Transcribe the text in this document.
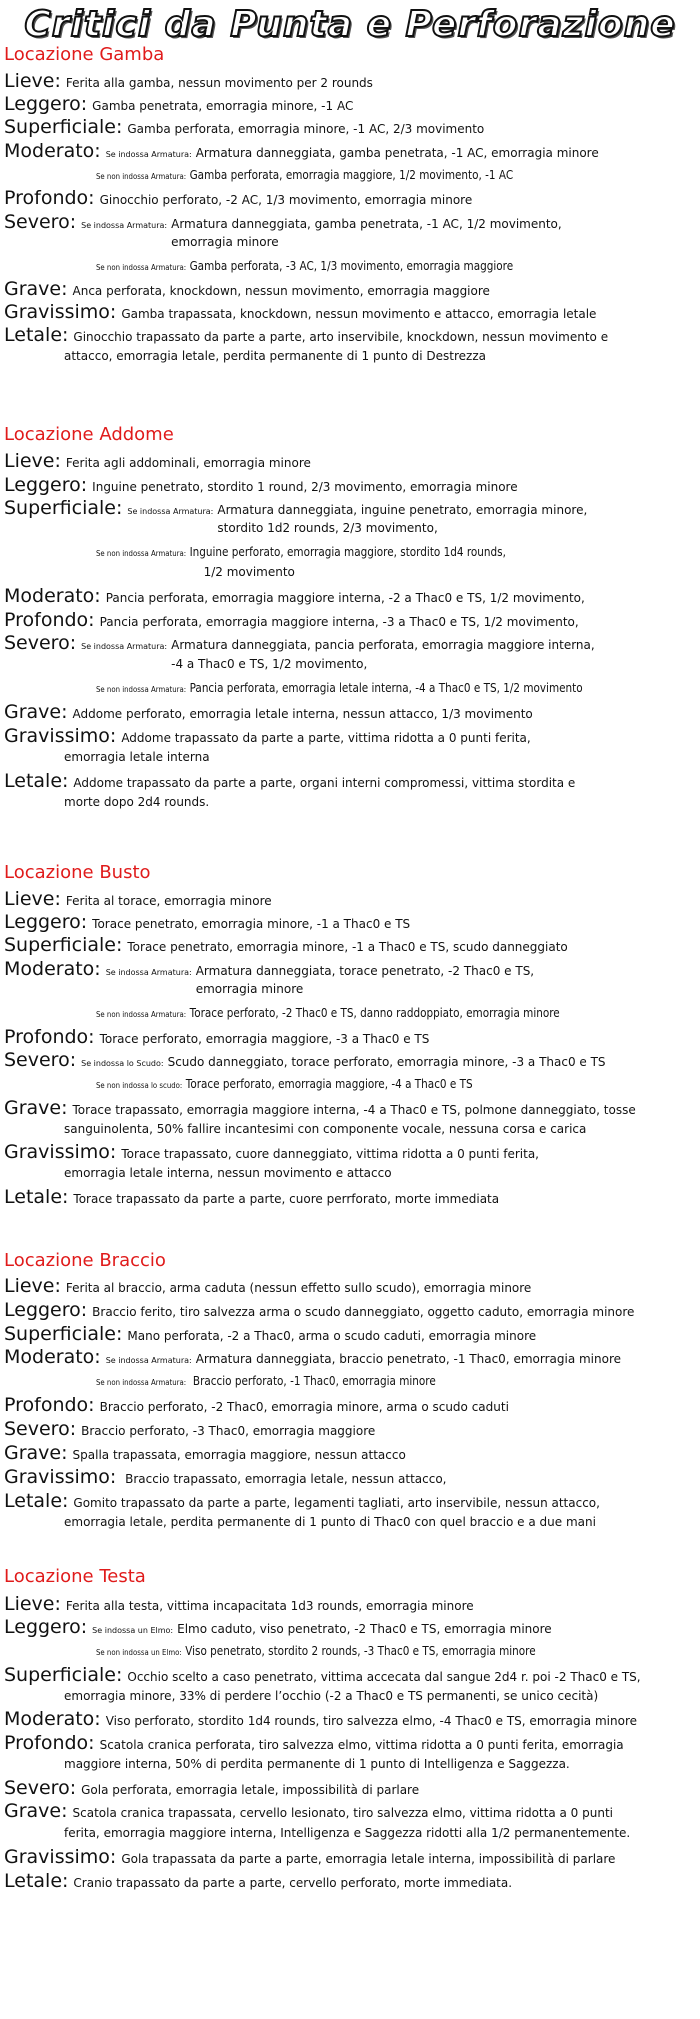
Critici da Punta e Perforazione
Locazione Gamba
Lieve: Ferita alla gamba, nessun movimento per 2 rounds
Leggero: Gamba penetrata, emorragia minore, -1 AC
Superficiale: Gamba perforata, emorragia minore, -1 AC, 2/3 movimento
Moderato: Se indossa Armatura: Armatura danneggiata, gamba penetrata, -1 AC, emorragia minore
Se non indossa Armatura: Gamba perforata, emorragia maggiore, 1/2 movimento, -1 AC
Profondo: Ginocchio perforato, -2 AC, 1/3 movimento, emorragia minore
Severo: Se indossa Armatura: Armatura danneggiata, gamba penetrata, -1 AC, 1/2 movimento,
emorragia minore
Se non indossa Armatura: Gamba perforata, -3 AC, 1/3 movimento, emorragia maggiore
Grave: Anca perforata, knockdown, nessun movimento, emorragia maggiore
Gravissimo: Gamba trapassata, knockdown, nessun movimento e attacco, emorragia letale
Letale: Ginocchio trapassato da parte a parte, arto inservibile, knockdown, nessun movimento e
attacco, emorragia letale, perdita permanente di 1 punto di Destrezza
Locazione Addome
Lieve: Ferita agli addominali, emorragia minore
Leggero: Inguine penetrato, stordito 1 round, 2/3 movimento, emorragia minore
Superficiale: Se indossa Armatura: Armatura danneggiata, inguine penetrato, emorragia minore,
stordito 1d2 rounds, 2/3 movimento,
Se non indossa Armatura: Inguine perforato, emorragia maggiore, stordito 1d4 rounds,
1/2 movimento
Moderato: Pancia perforata, emorragia maggiore interna, -2 a Thac0 e TS, 1/2 movimento,
Profondo: Pancia perforata, emorragia maggiore interna, -3 a Thac0 e TS, 1/2 movimento,
Severo: Se indossa Armatura: Armatura danneggiata, pancia perforata, emorragia maggiore interna,
-4 a Thac0 e TS, 1/2 movimento,
Se non indossa Armatura: Pancia perforata, emorragia letale interna, -4 a Thac0 e TS, 1/2 movimento
Grave: Addome perforato, emorragia letale interna, nessun attacco, 1/3 movimento
Gravissimo: Addome trapassato da parte a parte, vittima ridotta a 0 punti ferita,
emorragia letale interna
Letale: Addome trapassato da parte a parte, organi interni compromessi, vittima stordita e
morte dopo 2d4 rounds.
Locazione Busto
Lieve: Ferita al torace, emorragia minore
Leggero: Torace penetrato, emorragia minore, -1 a Thac0 e TS
Superficiale: Torace penetrato, emorragia minore, -1 a Thac0 e TS, scudo danneggiato
Moderato: Se indossa Armatura: Armatura danneggiata, torace penetrato, -2 Thac0 e TS,
emorragia minore
Se non indossa Armatura: Torace perforato, -2 Thac0 e TS, danno raddoppiato, emorragia minore
Profondo: Torace perforato, emorragia maggiore, -3 a Thac0 e TS
Severo: Se indossa lo Scudo: Scudo danneggiato, torace perforato, emorragia minore, -3 a Thac0 e TS
Se non indossa lo scudo: Torace perforato, emorragia maggiore, -4 a Thac0 e TS
Grave: Torace trapassato, emorragia maggiore interna, -4 a Thac0 e TS, polmone danneggiato, tosse
sanguinolenta, 50% fallire incantesimi con componente vocale, nessuna corsa e carica
Gravissimo: Torace trapassato, cuore danneggiato, vittima ridotta a 0 punti ferita,
emorragia letale interna, nessun movimento e attacco
Letale: Torace trapassato da parte a parte, cuore perrforato, morte immediata
Locazione Braccio
Lieve: Ferita al braccio, arma caduta (nessun effetto sullo scudo), emorragia minore
Leggero: Braccio ferito, tiro salvezza arma o scudo danneggiato, oggetto caduto, emorragia minore
Superficiale: Mano perforata, -2 a Thac0, arma o scudo caduti, emorragia minore
Moderato: Se indossa Armatura: Armatura danneggiata, braccio penetrato, -1 Thac0, emorragia minore
Se non indossa Armatura: Braccio perforato, -1 Thac0, emorragia minore
Profondo: Braccio perforato, -2 Thac0, emorragia minore, arma o scudo caduti
Severo: Braccio perforato, -3 Thac0, emorragia maggiore
Grave: Spalla trapassata, emorragia maggiore, nessun attacco
Gravissimo: Braccio trapassato, emorragia letale, nessun attacco,
Letale: Gomito trapassato da parte a parte, legamenti tagliati, arto inservibile, nessun attacco,
emorragia letale, perdita permanente di 1 punto di Thac0 con quel braccio e a due mani
Locazione Testa
Lieve: Ferita alla testa, vittima incapacitata 1d3 rounds, emorragia minore
Leggero: Se indossa un Elmo: Elmo caduto, viso penetrato, -2 Thac0 e TS, emorragia minore
Se non indossa un Elmo: Viso penetrato, stordito 2 rounds, -3 Thac0 e TS, emorragia minore
Superficiale: Occhio scelto a caso penetrato, vittima accecata dal sangue 2d4 r. poi -2 Thac0 e TS,
emorragia minore, 33% di perdere l’occhio (-2 a Thac0 e TS permanenti, se unico cecità)
Moderato: Viso perforato, stordito 1d4 rounds, tiro salvezza elmo, -4 Thac0 e TS, emorragia minore
Profondo: Scatola cranica perforata, tiro salvezza elmo, vittima ridotta a 0 punti ferita, emorragia
maggiore interna, 50% di perdita permanente di 1 punto di Intelligenza e Saggezza.
Severo: Gola perforata, emorragia letale, impossibilità di parlare
Grave: Scatola cranica trapassata, cervello lesionato, tiro salvezza elmo, vittima ridotta a 0 punti
ferita, emorragia maggiore interna, Intelligenza e Saggezza ridotti alla 1/2 permanentemente.
Gravissimo: Gola trapassata da parte a parte, emorragia letale interna, impossibilità di parlare
Letale: Cranio trapassato da parte a parte, cervello perforato, morte immediata.
